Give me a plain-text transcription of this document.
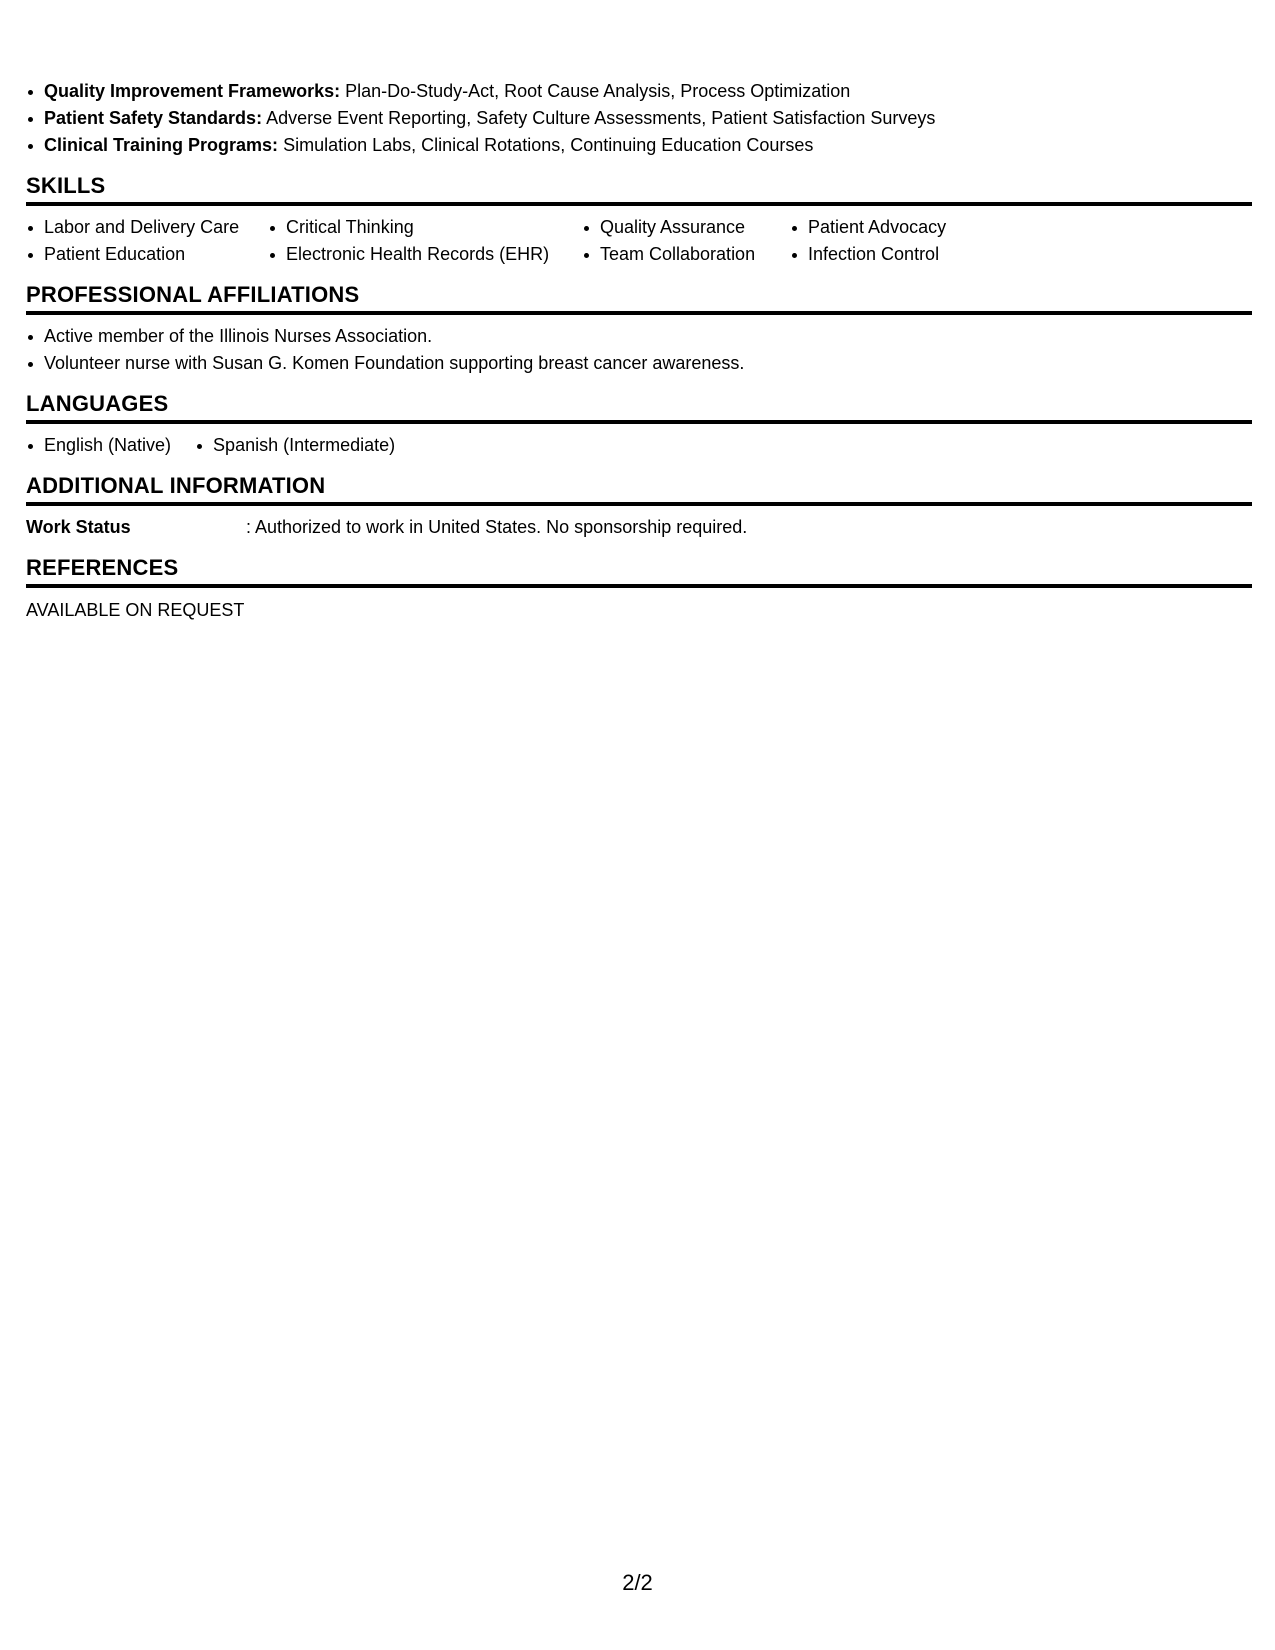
Quality Improvement Frameworks: Plan-Do-Study-Act, Root Cause Analysis, Process Optimization
Patient Safety Standards: Adverse Event Reporting, Safety Culture Assessments, Patient Satisfaction Surveys
Clinical Training Programs: Simulation Labs, Clinical Rotations, Continuing Education Courses
SKILLS
Labor and Delivery Care	Critical Thinking	Quality Assurance	Patient Advocacy
Patient Education	Electronic Health Records (EHR)	Team Collaboration	Infection Control
PROFESSIONAL AFFILIATIONS
Active member of the Illinois Nurses Association.
Volunteer nurse with Susan G. Komen Foundation supporting breast cancer awareness.
LANGUAGES
English (Native)	Spanish (Intermediate)
ADDITIONAL INFORMATION
Work Status	: Authorized to work in United States. No sponsorship required.
REFERENCES
AVAILABLE ON REQUEST
2/2
